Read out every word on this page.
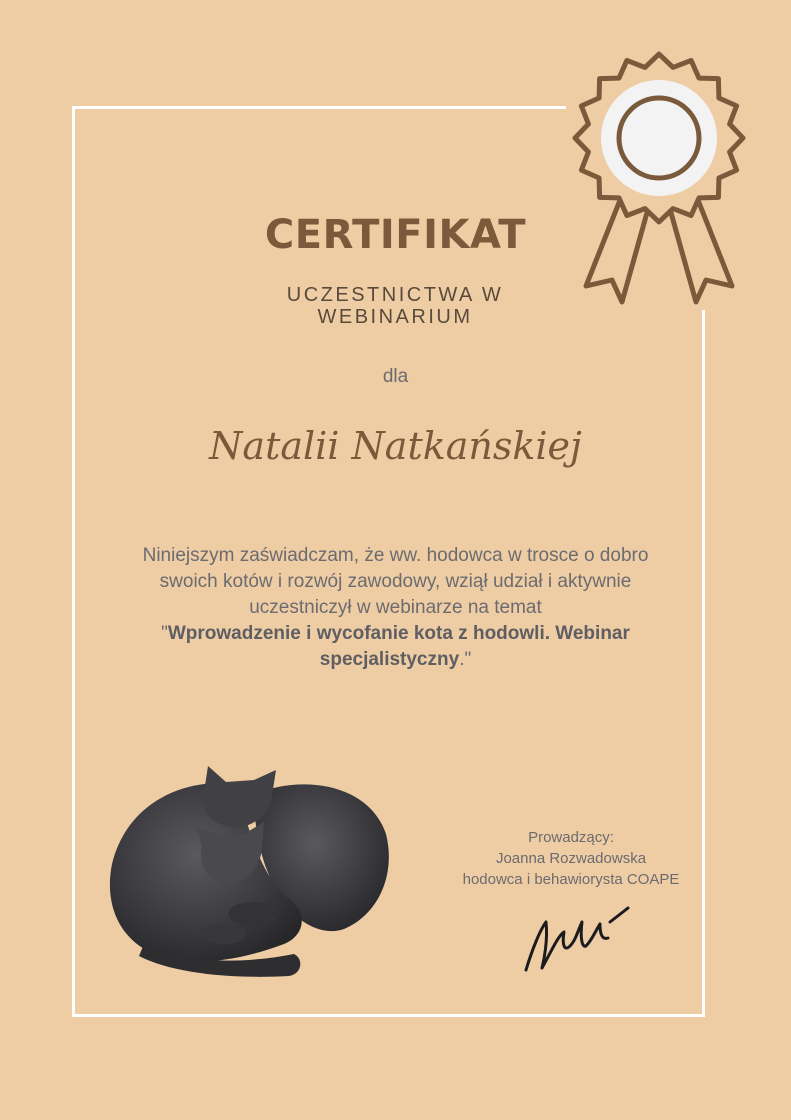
CERTIFIKAT
UCZESTNICTWA W WEBINARIUM
dla
Natalii Natkańskiej
Niniejszym zaświadczam, że ww. hodowca w trosce o dobro swoich kotów i rozwój zawodowy, wziął udział i aktywnie uczestniczył w webinarze na temat
"Wprowadzenie i wycofanie kota z hodowli. Webinar specjalistyczny."
Prowadzący:
Joanna Rozwadowska
hodowca i behawiorysta COAPE
